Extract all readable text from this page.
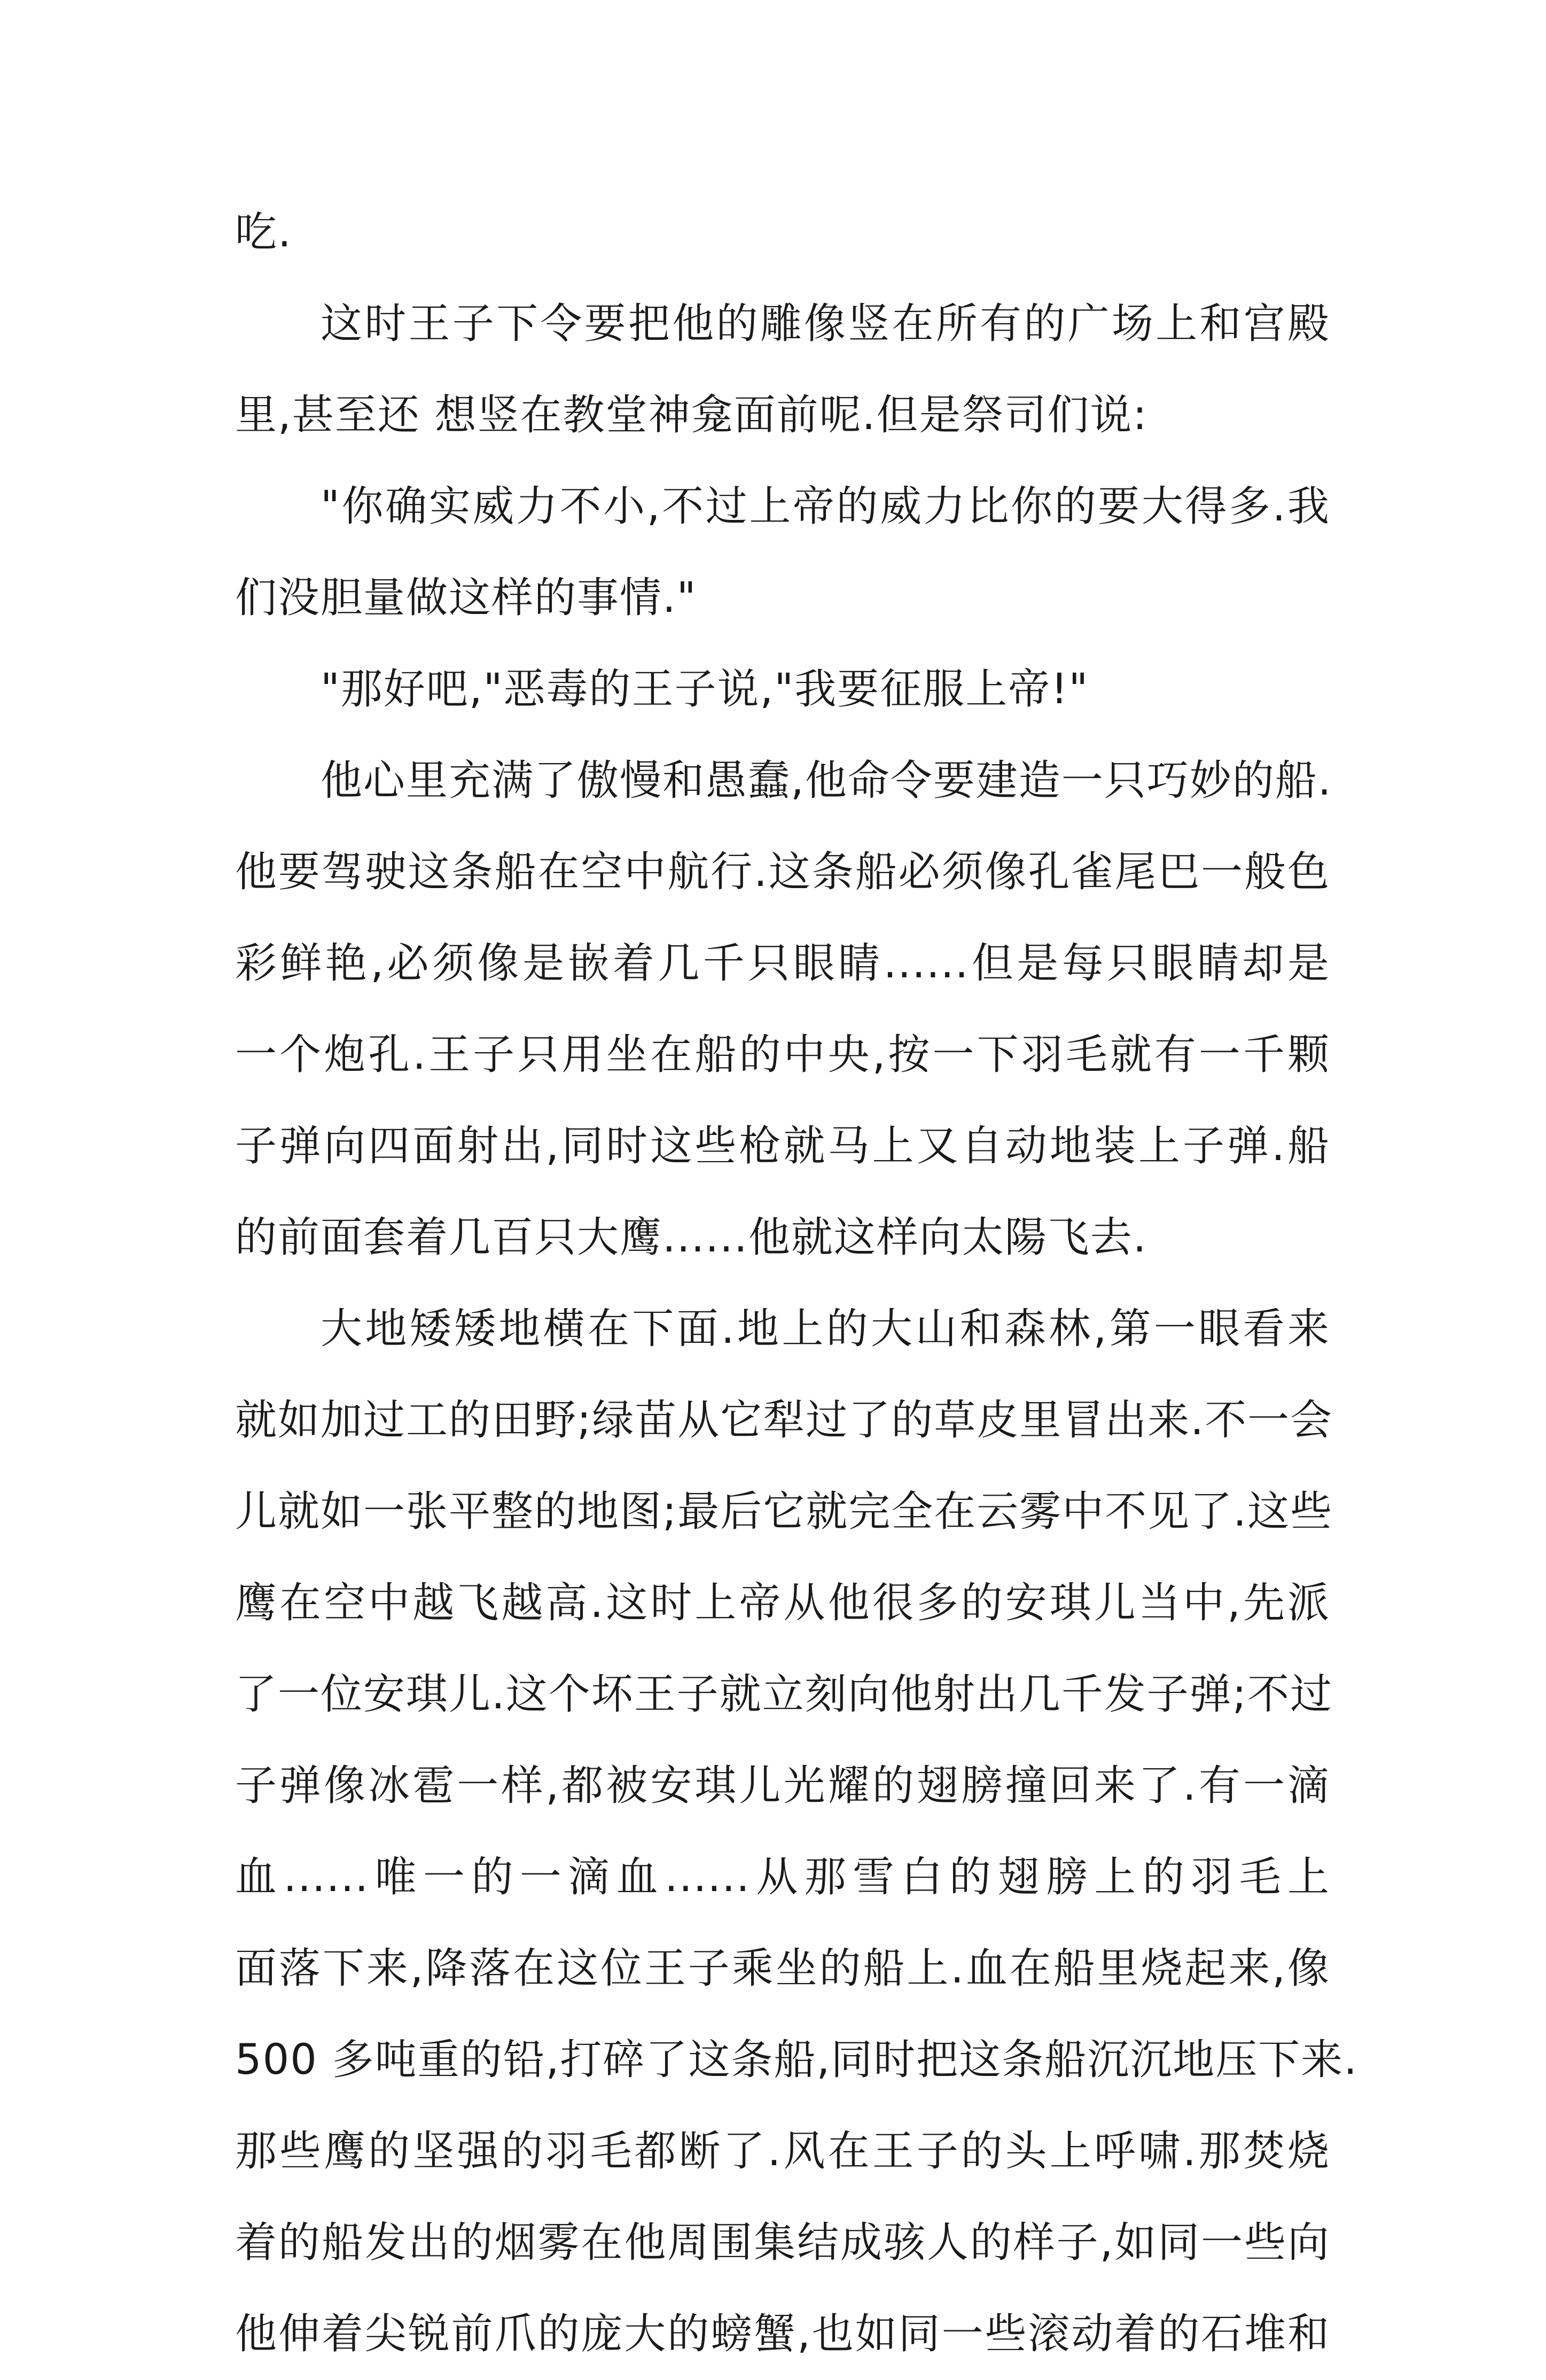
吃.
这时王子下令要把他的雕像竖在所有的广场上和宫殿
里,甚至还 想竖在教堂神龛面前呢.但是祭司们说:
"你确实威力不小,不过上帝的威力比你的要大得多.我
们没胆量做这样的事情."
"那好吧,"恶毒的王子说,"我要征服上帝!"
他心里充满了傲慢和愚蠢,他命令要建造一只巧妙的船.
他要驾驶这条船在空中航行.这条船必须像孔雀尾巴一般色
彩鲜艳,必须像是嵌着几千只眼睛......但是每只眼睛却是
一个炮孔.王子只用坐在船的中央,按一下羽毛就有一千颗
子弹向四面射出,同时这些枪就马上又自动地装上子弹.船
的前面套着几百只大鹰......他就这样向太陽飞去.
大地矮矮地横在下面.地上的大山和森林,第一眼看来
就如加过工的田野;绿苗从它犁过了的草皮里冒出来.不一会
儿就如一张平整的地图;最后它就完全在云雾中不见了.这些
鹰在空中越飞越高.这时上帝从他很多的安琪儿当中,先派
了一位安琪儿.这个坏王子就立刻向他射出几千发子弹;不过
子弹像冰雹一样,都被安琪儿光耀的翅膀撞回来了.有一滴
血......唯一的一滴血......从那雪白的翅膀上的羽毛上
面落下来,降落在这位王子乘坐的船上.血在船里烧起来,像
500 多吨重的铅,打碎了这条船,同时把这条船沉沉地压下来.
那些鹰的坚强的羽毛都断了.风在王子的头上呼啸.那焚烧
着的船发出的烟雾在他周围集结成骇人的样子,如同一些向
他伸着尖锐前爪的庞大的螃蟹,也如同一些滚动着的石堆和
